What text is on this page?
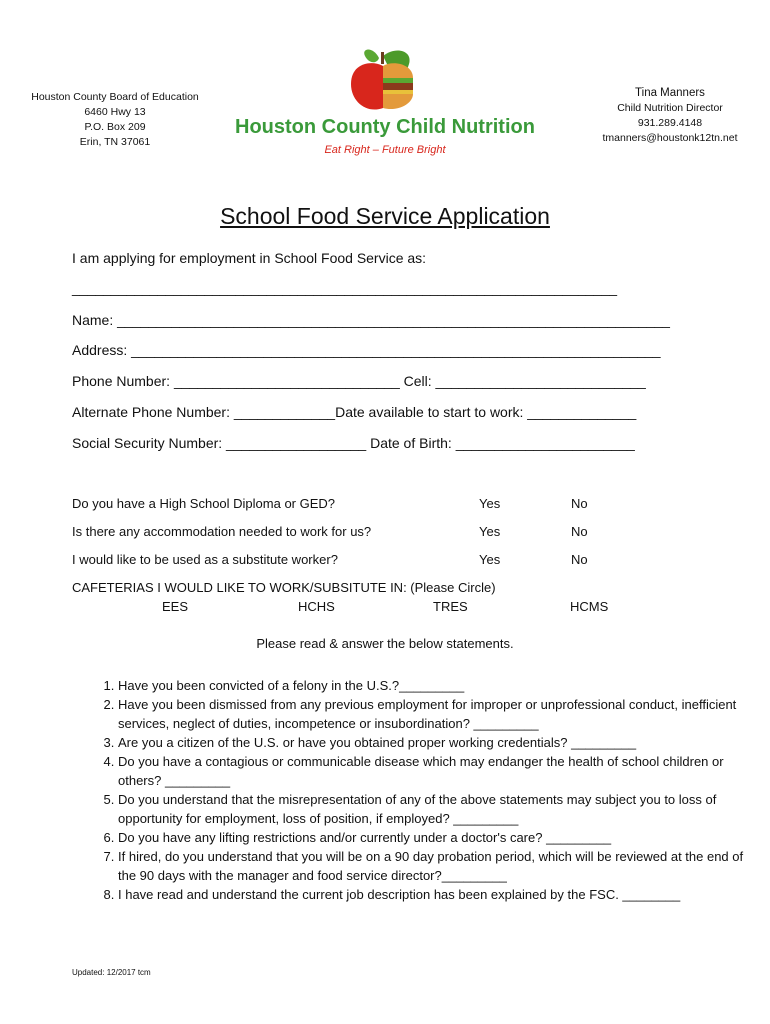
Houston County Board of Education
6460 Hwy 13
P.O. Box 209
Erin, TN 37061
Houston County Child Nutrition
Eat Right – Future Bright
Tina Manners
Child Nutrition Director
931.289.4148
tmanners@houstonk12tn.net
School Food Service Application
I am applying for employment in School Food Service as:
______________________________________________________________________
Name: _______________________________________________________________________
Address: ____________________________________________________________________
Phone Number: _____________________________ Cell: ___________________________
Alternate Phone Number: _____________Date available to start to work: ______________
Social Security Number: __________________ Date of Birth: _______________________
Do you have a High School Diploma or GED?	Yes	No
Is there any accommodation needed to work for us?	Yes	No
I would like to be used as a substitute worker?	Yes	No
CAFETERIAS I WOULD LIKE TO WORK/SUBSITUTE IN: (Please Circle)
EES	HCHS	TRES	HCMS
Please read & answer the below statements.
1. Have you been convicted of a felony in the U.S.?_________
2. Have you been dismissed from any previous employment for improper or unprofessional conduct, inefficient services, neglect of duties, incompetence or insubordination? _________
3. Are you a citizen of the U.S. or have you obtained proper working credentials? _________
4. Do you have a contagious or communicable disease which may endanger the health of school children or others? _________
5. Do you understand that the misrepresentation of any of the above statements may subject you to loss of opportunity for employment, loss of position, if employed? _________
6. Do you have any lifting restrictions and/or currently under a doctor's care? _________
7. If hired, do you understand that you will be on a 90 day probation period, which will be reviewed at the end of the 90 days with the manager and food service director?_________
8. I have read and understand the current job description has been explained by the FSC. ________
Updated: 12/2017 tcm
